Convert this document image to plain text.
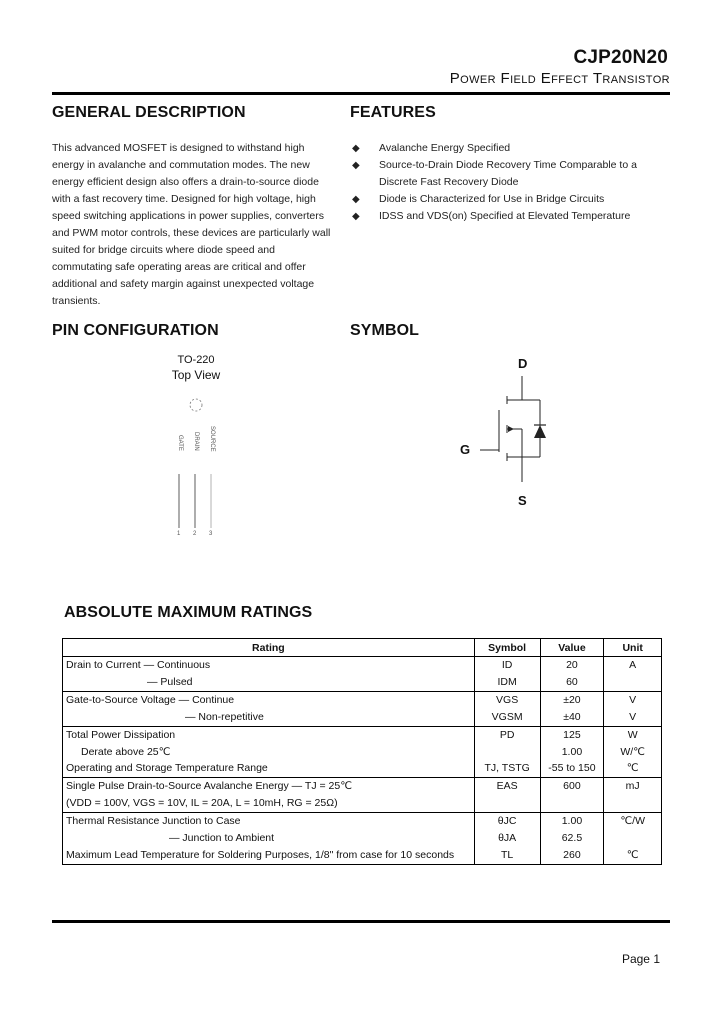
CJP20N20
Power Field Effect Transistor
GENERAL DESCRIPTION
This advanced MOSFET is designed to withstand high
energy in avalanche and commutation modes. The new
energy efficient design also offers a drain-to-source diode
with a fast recovery time. Designed for high voltage, high
speed switching applications in power supplies, converters
and PWM motor controls, these devices are particularly wall
suited for bridge circuits where diode speed and
commutating safe operating areas are critical and offer
additional and safety margin against unexpected voltage
transients.
FEATURES
◆ Avalanche Energy Specified
◆ Source-to-Drain Diode Recovery Time Comparable to a
Discrete Fast Recovery Diode
◆ Diode is Characterized for Use in Bridge Circuits
◆ IDSS and VDS(on) Specified at Elevated Temperature
PIN CONFIGURATION
TO-220
Top View
GATE DRAIN SOURCE
1 2 3
SYMBOL
D
G
S
ABSOLUTE MAXIMUM RATINGS
Rating	Symbol	Value	Unit
Drain to Current — Continuous	ID	20	A
— Pulsed	IDM	60	
Gate-to-Source Voltage — Continue	VGS	±20	V
— Non-repetitive	VGSM	±40	V
Total Power Dissipation	PD	125	W
Derate above 25℃		1.00	W/℃
Operating and Storage Temperature Range	TJ, TSTG	-55 to 150	℃
Single Pulse Drain-to-Source Avalanche Energy — TJ = 25℃	EAS	600	mJ
(VDD = 100V, VGS = 10V, IL = 20A, L = 10mH, RG = 25Ω)			
Thermal Resistance Junction to Case	θJC	1.00	℃/W
— Junction to Ambient	θJA	62.5	
Maximum Lead Temperature for Soldering Purposes, 1/8" from case for 10 seconds	TL	260	℃
Page 1
